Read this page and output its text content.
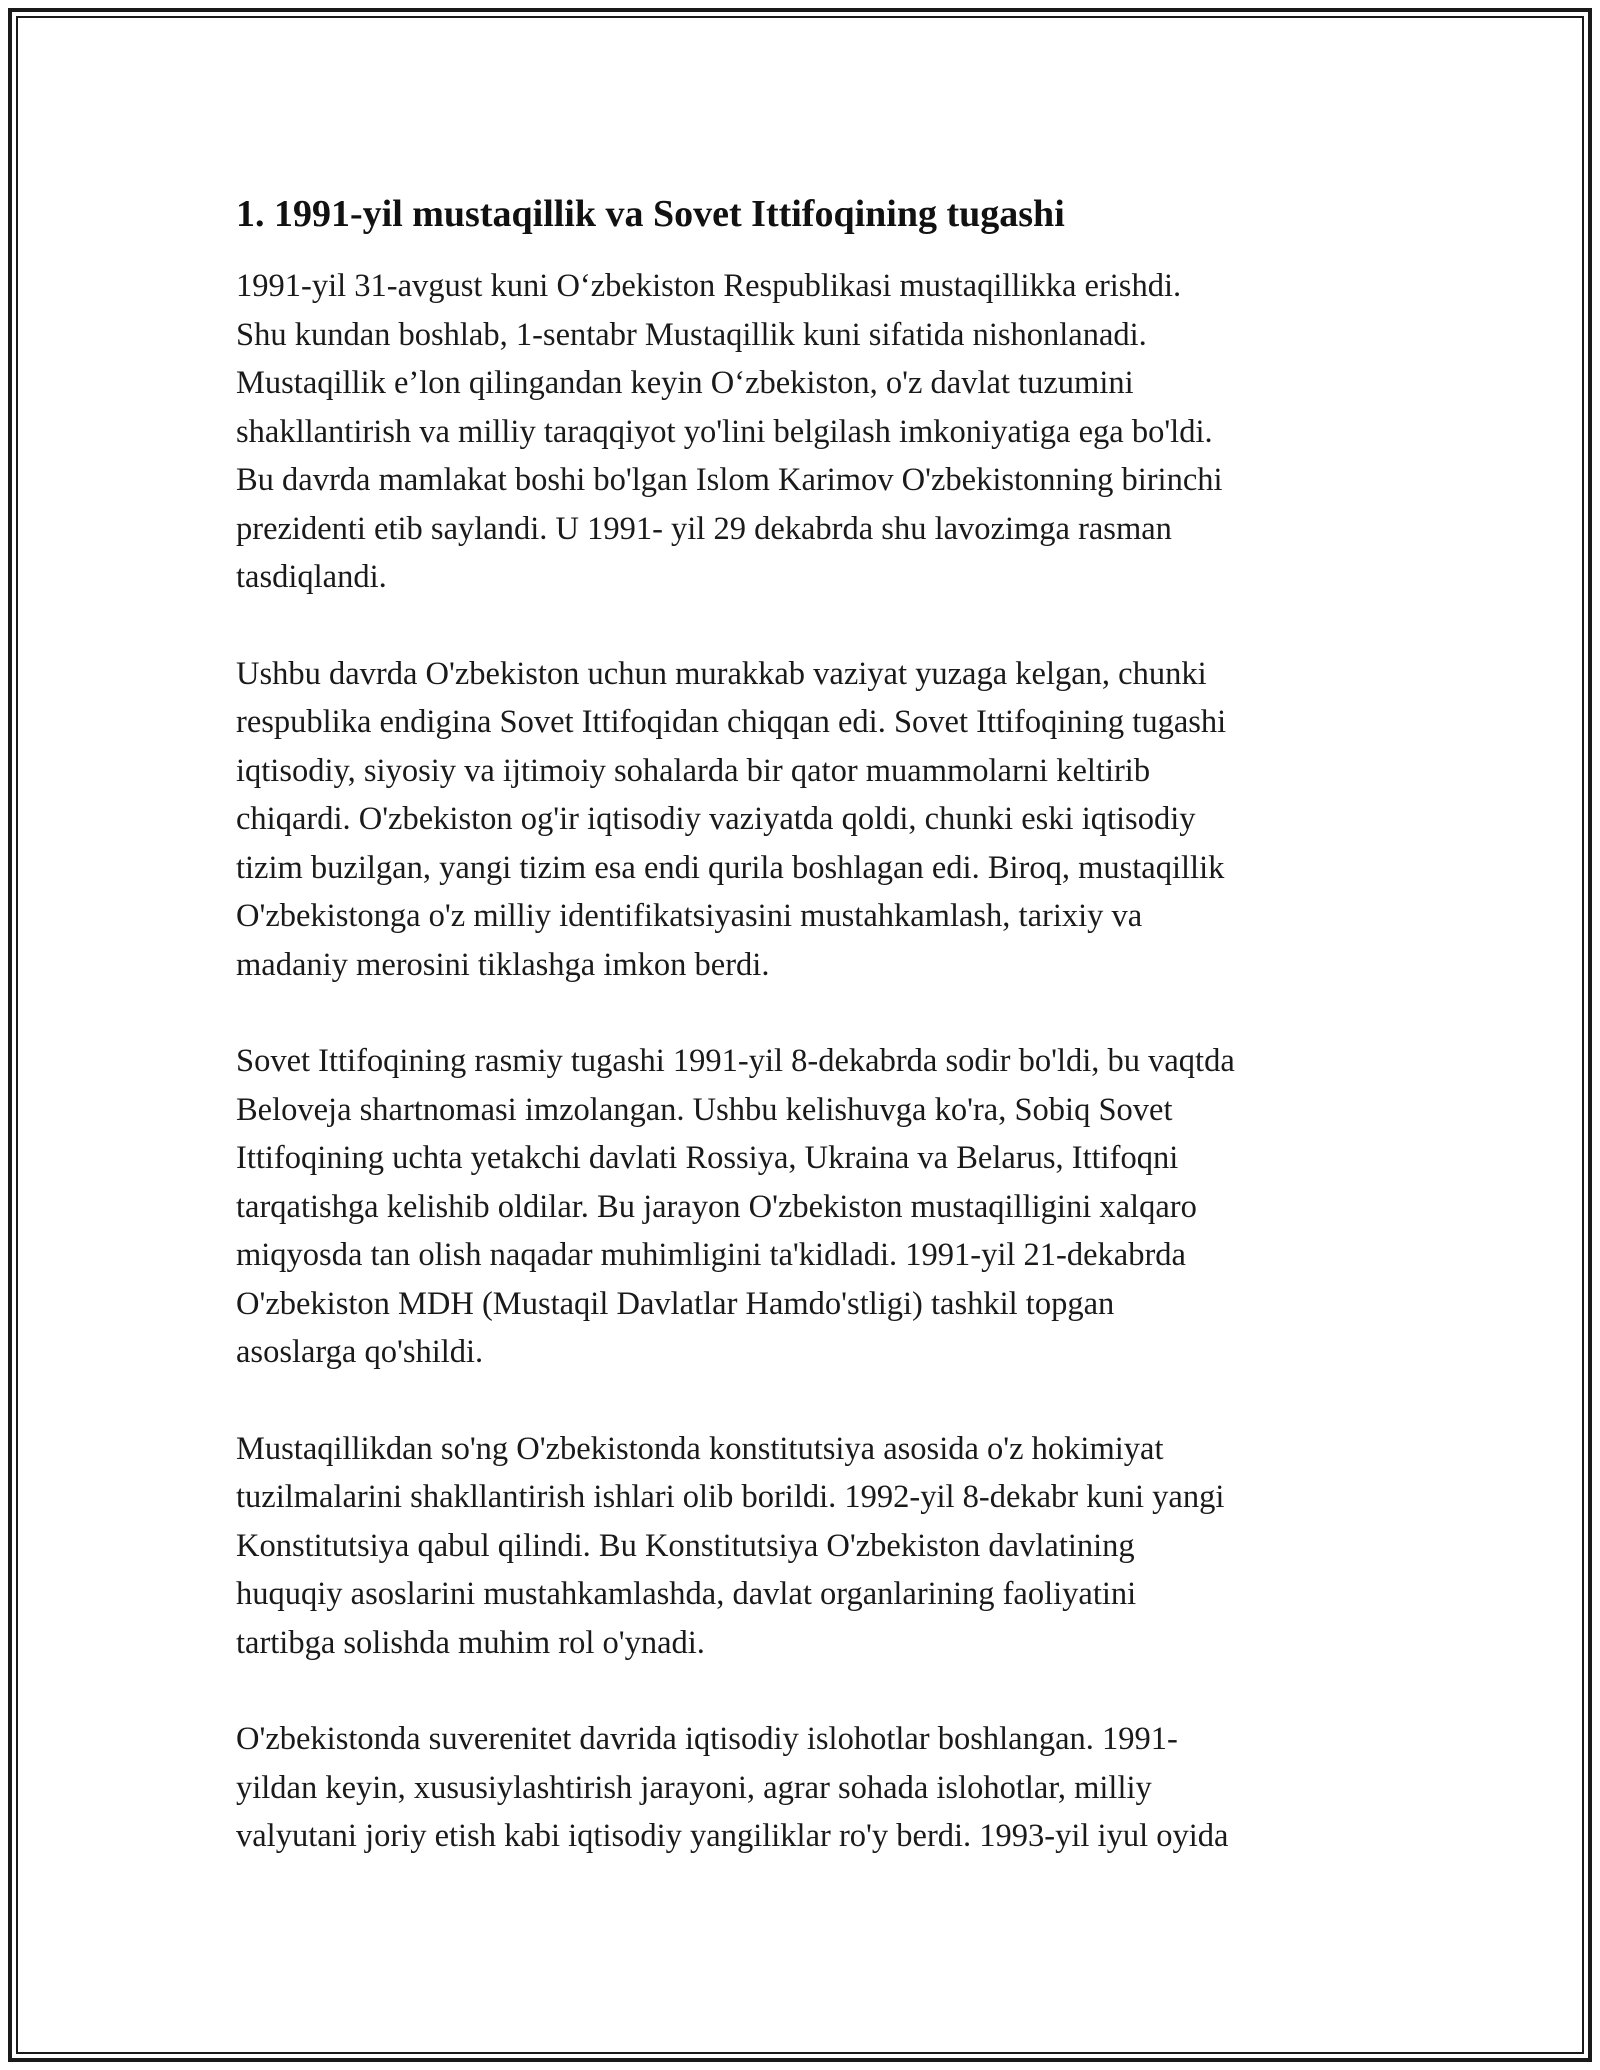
1. 1991-yil mustaqillik va Sovet Ittifoqining tugashi
1991-yil 31-avgust kuni O‘zbekiston Respublikasi mustaqillikka erishdi.
Shu kundan boshlab, 1-sentabr Mustaqillik kuni sifatida nishonlanadi.
Mustaqillik e’lon qilingandan keyin O‘zbekiston, o'z davlat tuzumini
shakllantirish va milliy taraqqiyot yo'lini belgilash imkoniyatiga ega bo'ldi.
Bu davrda mamlakat boshi bo'lgan Islom Karimov O'zbekistonning birinchi
prezidenti etib saylandi. U 1991- yil 29 dekabrda shu lavozimga rasman
tasdiqlandi.
Ushbu davrda O'zbekiston uchun murakkab vaziyat yuzaga kelgan, chunki
respublika endigina Sovet Ittifoqidan chiqqan edi. Sovet Ittifoqining tugashi
iqtisodiy, siyosiy va ijtimoiy sohalarda bir qator muammolarni keltirib
chiqardi. O'zbekiston og'ir iqtisodiy vaziyatda qoldi, chunki eski iqtisodiy
tizim buzilgan, yangi tizim esa endi qurila boshlagan edi. Biroq, mustaqillik
O'zbekistonga o'z milliy identifikatsiyasini mustahkamlash, tarixiy va
madaniy merosini tiklashga imkon berdi.
Sovet Ittifoqining rasmiy tugashi 1991-yil 8-dekabrda sodir bo'ldi, bu vaqtda
Beloveja shartnomasi imzolangan. Ushbu kelishuvga ko'ra, Sobiq Sovet
Ittifoqining uchta yetakchi davlati Rossiya, Ukraina va Belarus, Ittifoqni
tarqatishga kelishib oldilar. Bu jarayon O'zbekiston mustaqilligini xalqaro
miqyosda tan olish naqadar muhimligini ta'kidladi. 1991-yil 21-dekabrda
O'zbekiston MDH (Mustaqil Davlatlar Hamdo'stligi) tashkil topgan
asoslarga qo'shildi.
Mustaqillikdan so'ng O'zbekistonda konstitutsiya asosida o'z hokimiyat
tuzilmalarini shakllantirish ishlari olib borildi. 1992-yil 8-dekabr kuni yangi
Konstitutsiya qabul qilindi. Bu Konstitutsiya O'zbekiston davlatining
huquqiy asoslarini mustahkamlashda, davlat organlarining faoliyatini
tartibga solishda muhim rol o'ynadi.
O'zbekistonda suverenitet davrida iqtisodiy islohotlar boshlangan. 1991-
yildan keyin, xususiylashtirish jarayoni, agrar sohada islohotlar, milliy
valyutani joriy etish kabi iqtisodiy yangiliklar ro'y berdi. 1993-yil iyul oyida
